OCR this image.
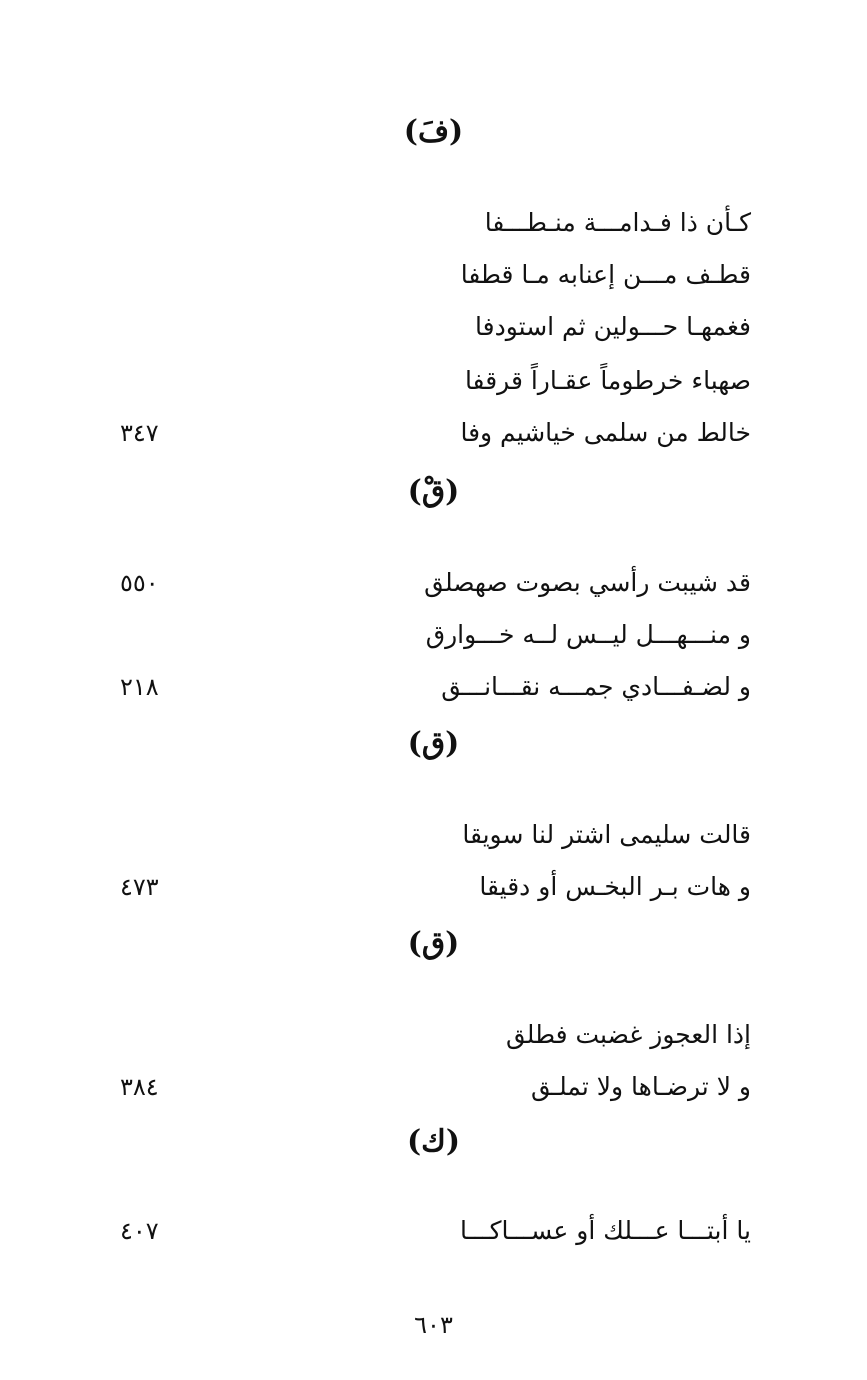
(فَ)
كـأن ذا فـدامـــة منـطـــفا
قطـف مـــن إعنابه مـا قطفا
فغمهـا حـــولين ثم استودفا
صهباء خرطوماً عقـاراً قرقفا
خالط من سلمى خياشيم وفا
٣٤٧
(قْ)
قد شيبت رأسي بصوت صهصلق
٥٥٠
و منـــهـــل ليــس لــه خـــوارق
و لضـفـــادي جمـــه نقـــانـــق
٢١٨
(ق)
قالت سليمى اشتر لنا سويقا
و هات بـر البخـس أو دقيقا
٤٧٣
(ق)
إذا العجوز غضبت فطلق
و لا ترضـاها ولا تملـق
٣٨٤
(ك)
يا أبتـــا عـــلك أو عســـاكـــا
٤٠٧
٦٠٣
